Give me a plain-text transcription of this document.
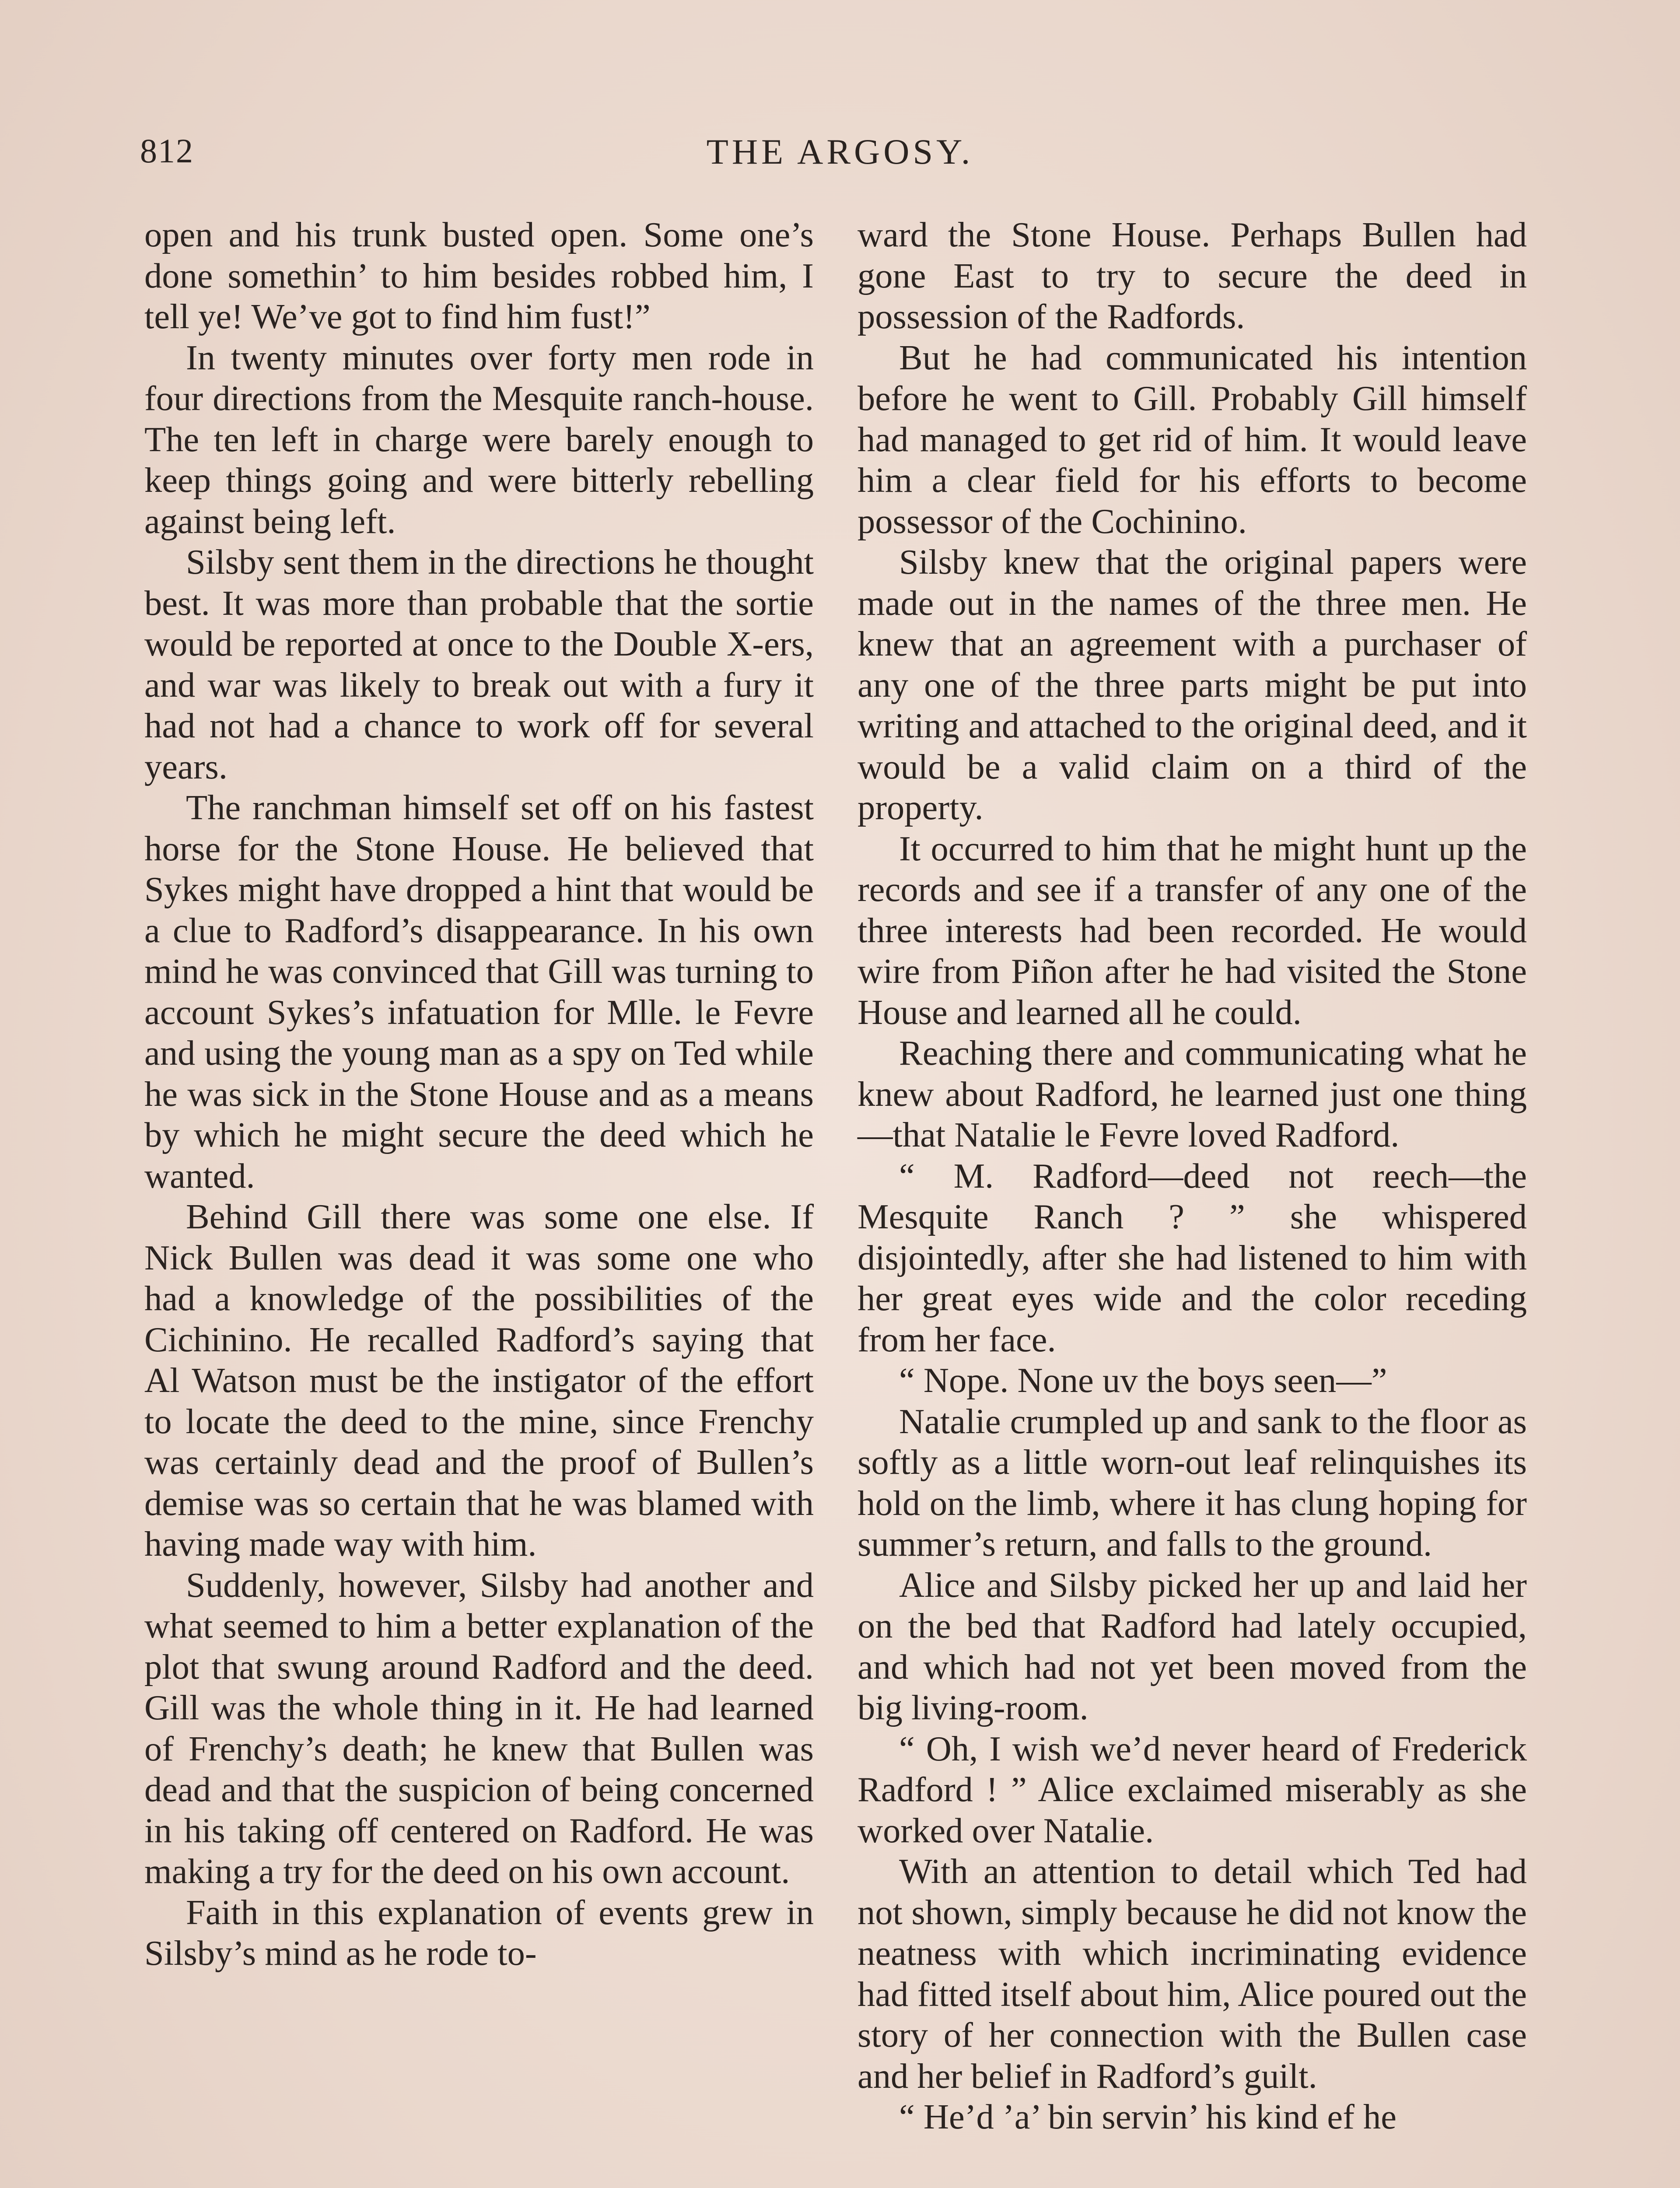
812	THE ARGOSY.

open and his trunk busted open. Some one’s done somethin’ to him besides robbed him, I tell ye! We’ve got to find him fust!”

In twenty minutes over forty men rode in four directions from the Mesquite ranch-house. The ten left in charge were barely enough to keep things going and were bitterly rebelling against being left.

Silsby sent them in the directions he thought best. It was more than probable that the sortie would be reported at once to the Double X-ers, and war was likely to break out with a fury it had not had a chance to work off for several years.

The ranchman himself set off on his fastest horse for the Stone House. He believed that Sykes might have dropped a hint that would be a clue to Radford’s disappearance. In his own mind he was convinced that Gill was turning to account Sykes’s infatuation for Mlle. le Fevre and using the young man as a spy on Ted while he was sick in the Stone House and as a means by which he might secure the deed which he wanted.

Behind Gill there was some one else. If Nick Bullen was dead it was some one who had a knowledge of the possibilities of the Cichinino. He recalled Radford’s saying that Al Watson must be the instigator of the effort to locate the deed to the mine, since Frenchy was certainly dead and the proof of Bullen’s demise was so certain that he was blamed with having made way with him.

Suddenly, however, Silsby had another and what seemed to him a better explanation of the plot that swung around Radford and the deed. Gill was the whole thing in it. He had learned of Frenchy’s death; he knew that Bullen was dead and that the suspicion of being concerned in his taking off centered on Radford. He was making a try for the deed on his own account.

Faith in this explanation of events grew in Silsby’s mind as he rode to-

ward the Stone House. Perhaps Bullen had gone East to try to secure the deed in possession of the Radfords.

But he had communicated his intention before he went to Gill. Probably Gill himself had managed to get rid of him. It would leave him a clear field for his efforts to become possessor of the Cochinino.

Silsby knew that the original papers were made out in the names of the three men. He knew that an agreement with a purchaser of any one of the three parts might be put into writing and attached to the original deed, and it would be a valid claim on a third of the property.

It occurred to him that he might hunt up the records and see if a transfer of any one of the three interests had been recorded. He would wire from Piñon after he had visited the Stone House and learned all he could.

Reaching there and communicating what he knew about Radford, he learned just one thing—that Natalie le Fevre loved Radford.

“ M. Radford—deed not reech—the Mesquite Ranch ? ” she whispered disjointedly, after she had listened to him with her great eyes wide and the color receding from her face.

“ Nope. None uv the boys seen—”

Natalie crumpled up and sank to the floor as softly as a little worn-out leaf relinquishes its hold on the limb, where it has clung hoping for summer’s return, and falls to the ground.

Alice and Silsby picked her up and laid her on the bed that Radford had lately occupied, and which had not yet been moved from the big living-room.

“ Oh, I wish we’d never heard of Frederick Radford ! ” Alice exclaimed miserably as she worked over Natalie.

With an attention to detail which Ted had not shown, simply because he did not know the neatness with which incriminating evidence had fitted itself about him, Alice poured out the story of her connection with the Bullen case and her belief in Radford’s guilt.

“ He’d ’a’ bin servin’ his kind ef he
